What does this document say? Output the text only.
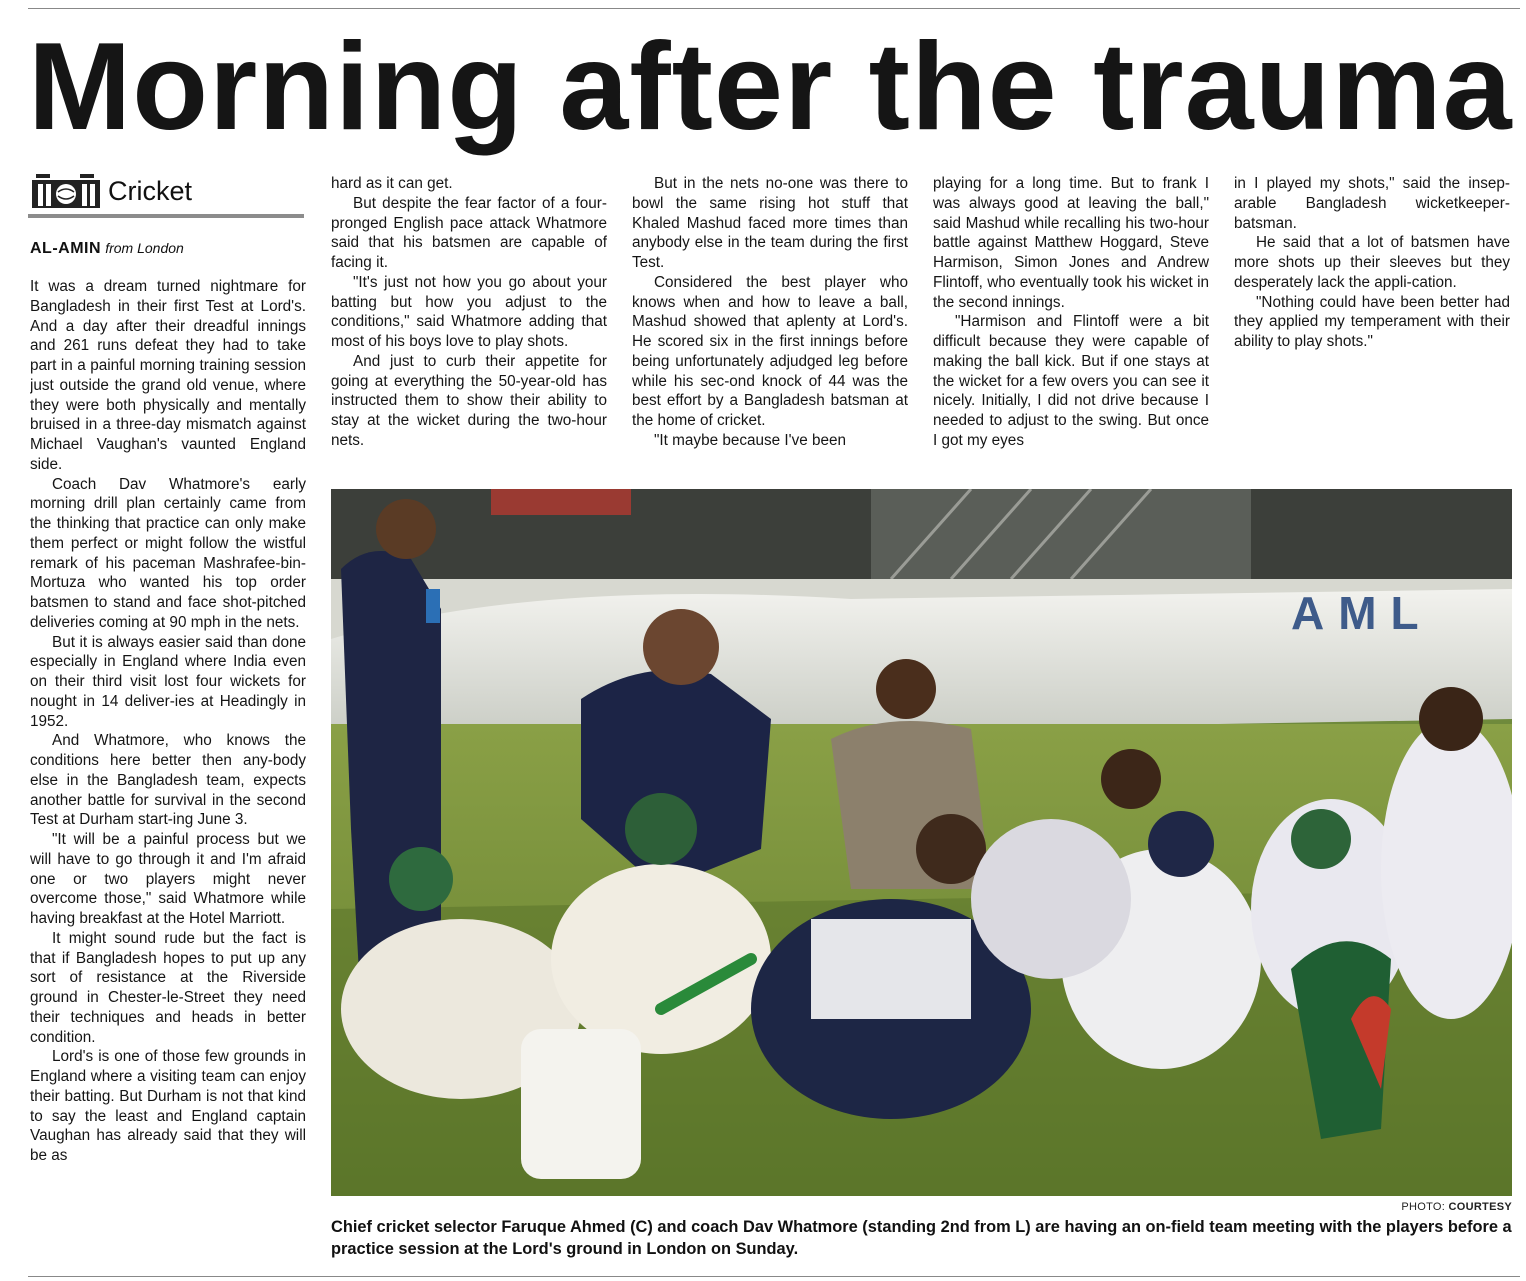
Morning after the trauma
Cricket
AL-AMIN from London

It was a dream turned nightmare for Bangladesh in their first Test at Lord's. And a day after their dreadful innings and 261 runs defeat they had to take part in a painful morning training session just outside the grand old venue, where they were both physically and mentally bruised in a three-day mismatch against Michael Vaughan's vaunted England side.

Coach Dav Whatmore's early morning drill plan certainly came from the thinking that practice can only make them perfect or might follow the wistful remark of his paceman Mashrafee-bin-Mortuza who wanted his top order batsmen to stand and face shot-pitched deliveries coming at 90 mph in the nets.

But it is always easier said than done especially in England where India even on their third visit lost four wickets for nought in 14 deliver-ies at Headingly in 1952.

And Whatmore, who knows the conditions here better then any-body else in the Bangladesh team, expects another battle for survival in the second Test at Durham start-ing June 3.

"It will be a painful process but we will have to go through it and I'm afraid one or two players might never overcome those," said Whatmore while having breakfast at the Hotel Marriott.

It might sound rude but the fact is that if Bangladesh hopes to put up any sort of resistance at the Riverside ground in Chester-le-Street they need their techniques and heads in better condition.

Lord's is one of those few grounds in England where a visiting team can enjoy their batting. But Durham is not that kind to say the least and England captain Vaughan has already said that they will be as

hard as it can get.

But despite the fear factor of a four-pronged English pace attack Whatmore said that his batsmen are capable of facing it.

"It's just not how you go about your batting but how you adjust to the conditions," said Whatmore adding that most of his boys love to play shots.

And just to curb their appetite for going at everything the 50-year-old has instructed them to show their ability to stay at the wicket during the two-hour nets.

But in the nets no-one was there to bowl the same rising hot stuff that Khaled Mashud faced more times than anybody else in the team during the first Test.

Considered the best player who knows when and how to leave a ball, Mashud showed that aplenty at Lord's. He scored six in the first innings before being unfortunately adjudged leg before while his sec-ond knock of 44 was the best effort by a Bangladesh batsman at the home of cricket.

"It maybe because I've been

playing for a long time. But to frank I was always good at leaving the ball," said Mashud while recalling his two-hour battle against Matthew Hoggard, Steve Harmison, Simon Jones and Andrew Flintoff, who eventually took his wicket in the second innings.

"Harmison and Flintoff were a bit difficult because they were capable of making the ball kick. But if one stays at the wicket for a few overs you can see it nicely. Initially, I did not drive because I needed to adjust to the swing. But once I got my eyes

in I played my shots," said the insep-arable Bangladesh wicketkeeper-batsman.

He said that a lot of batsmen have more shots up their sleeves but they desperately lack the appli-cation.

"Nothing could have been better had they applied my temperament with their ability to play shots."

AML
PHOTO: COURTESY
Chief cricket selector Faruque Ahmed (C) and coach Dav Whatmore (standing 2nd from L) are having an on-field team meeting with the players before a practice session at the Lord's ground in London on Sunday.
